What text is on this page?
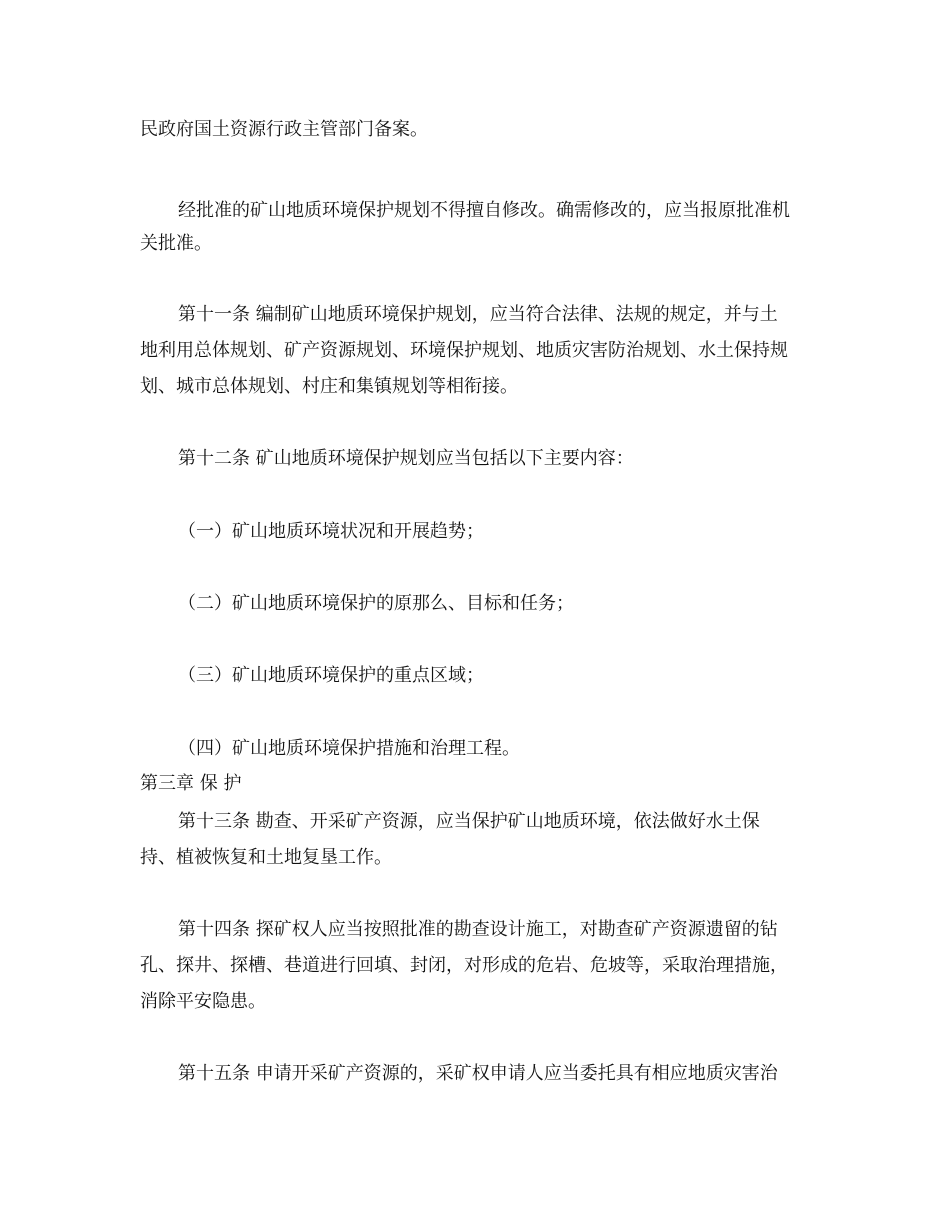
民政府国土资源行政主管部门备案。
经批准的矿山地质环境保护规划不得擅自修改。确需修改的，应当报原批准机
关批准。
第十一条 编制矿山地质环境保护规划，应当符合法律、法规的规定，并与土
地利用总体规划、矿产资源规划、环境保护规划、地质灾害防治规划、水土保持规
划、城市总体规划、村庄和集镇规划等相衔接。
第十二条 矿山地质环境保护规划应当包括以下主要内容：
（一）矿山地质环境状况和开展趋势；
（二）矿山地质环境保护的原那么、目标和任务；
（三）矿山地质环境保护的重点区域；
（四）矿山地质环境保护措施和治理工程。
第三章 保 护
第十三条 勘查、开采矿产资源，应当保护矿山地质环境，依法做好水土保
持、植被恢复和土地复垦工作。
第十四条 探矿权人应当按照批准的勘查设计施工，对勘查矿产资源遗留的钻
孔、探井、探槽、巷道进行回填、封闭，对形成的危岩、危坡等，采取治理措施，
消除平安隐患。
第十五条 申请开采矿产资源的，采矿权申请人应当委托具有相应地质灾害治
